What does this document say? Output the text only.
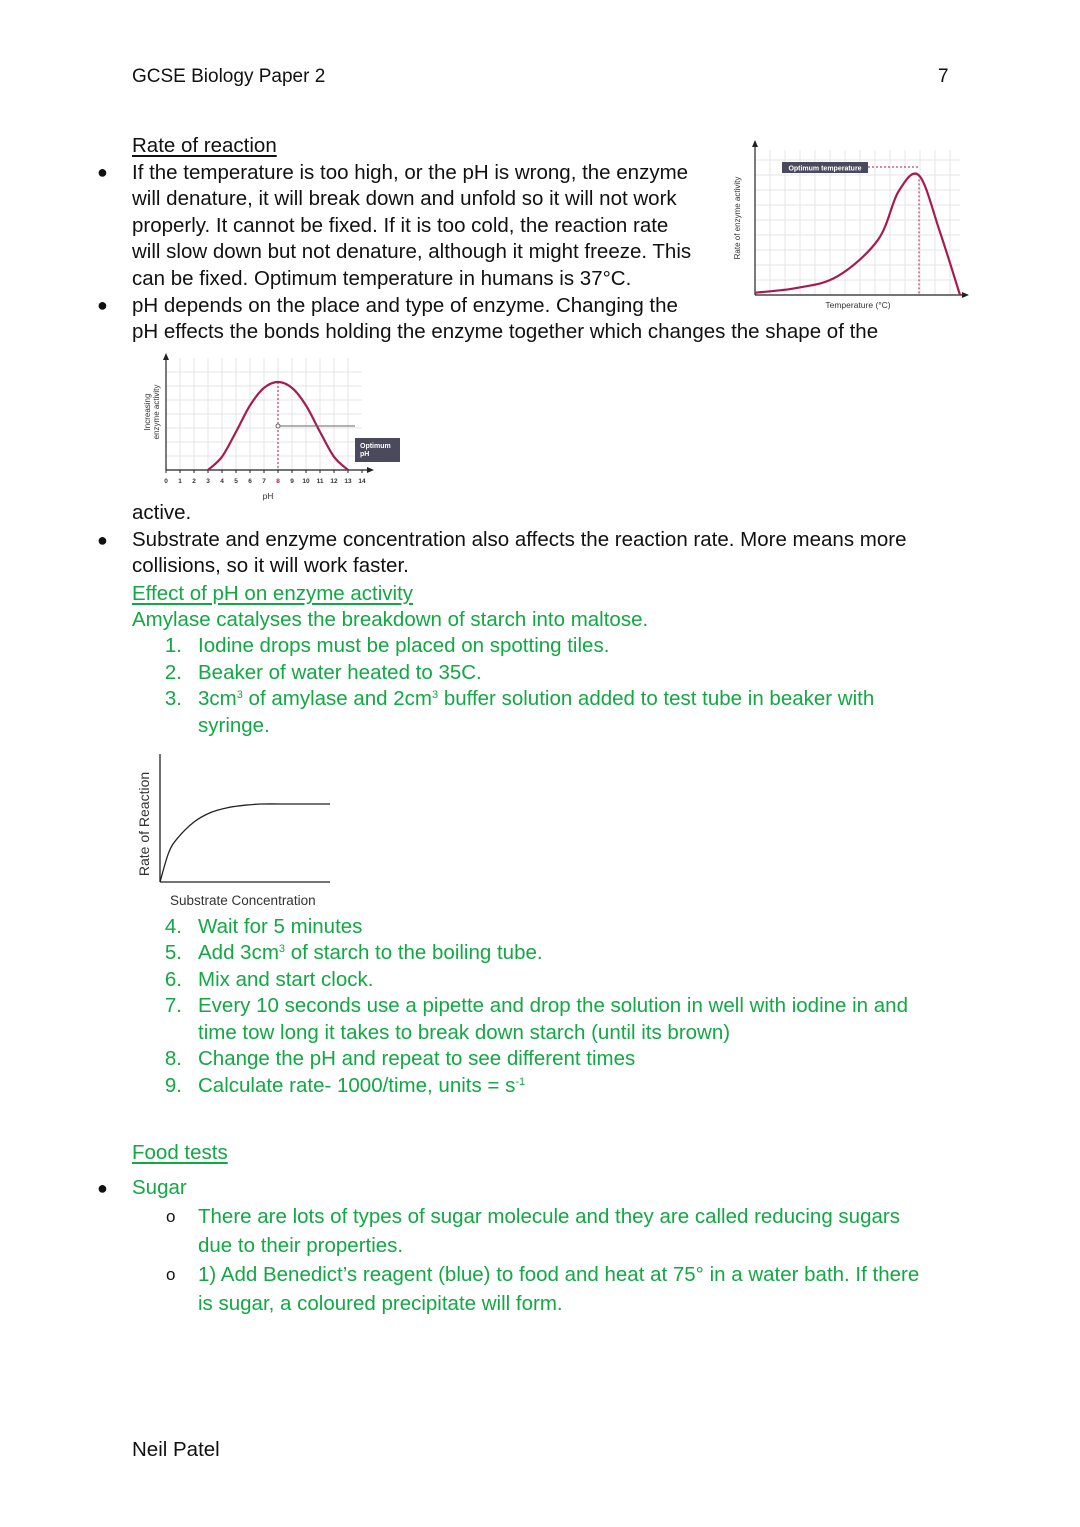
GCSE Biology Paper 2	7
Rate of reaction
● If the temperature is too high, or the pH is wrong, the enzyme
will denature, it will break down and unfold so it will not work
properly. It cannot be fixed. If it is too cold, the reaction rate
will slow down but not denature, although it might freeze. This
can be fixed. Optimum temperature in humans is 37°C.
● pH depends on the place and type of enzyme. Changing the
pH effects the bonds holding the enzyme together which changes the shape of the
active.
Optimum temperature
Temperature (°C)
Rate of enzyme activity
0 1 2 3 4 5 6 7 8 9 10 11 12 13 14
Optimum pH
pH
Increasingenzyme activity
● Substrate and enzyme concentration also affects the reaction rate. More means more
collisions, so it will work faster.
Effect of pH on enzyme activity
Amylase catalyses the breakdown of starch into maltose.
1. Iodine drops must be placed on spotting tiles.
2. Beaker of water heated to 35C.
3. $3cm^3$ of amylase and $2cm^3$ buffer solution added to test tube in beaker with
syringe.
Substrate Concentration
Rate of Reaction
4. Wait for 5 minutes
5. Add $3cm^3$ of starch to the boiling tube.
6. Mix and start clock.
7. Every 10 seconds use a pipette and drop the solution in well with iodine in and
time tow long it takes to break down starch (until its brown)
8. Change the pH and repeat to see different times
9. Calculate rate- 1000/time, units = $s^{-1}$
Food tests
● Sugar
o There are lots of types of sugar molecule and they are called reducing sugars
due to their properties.
o 1) Add Benedict’s reagent (blue) to food and heat at 75° in a water bath. If there
is sugar, a coloured precipitate will form.
Neil Patel
